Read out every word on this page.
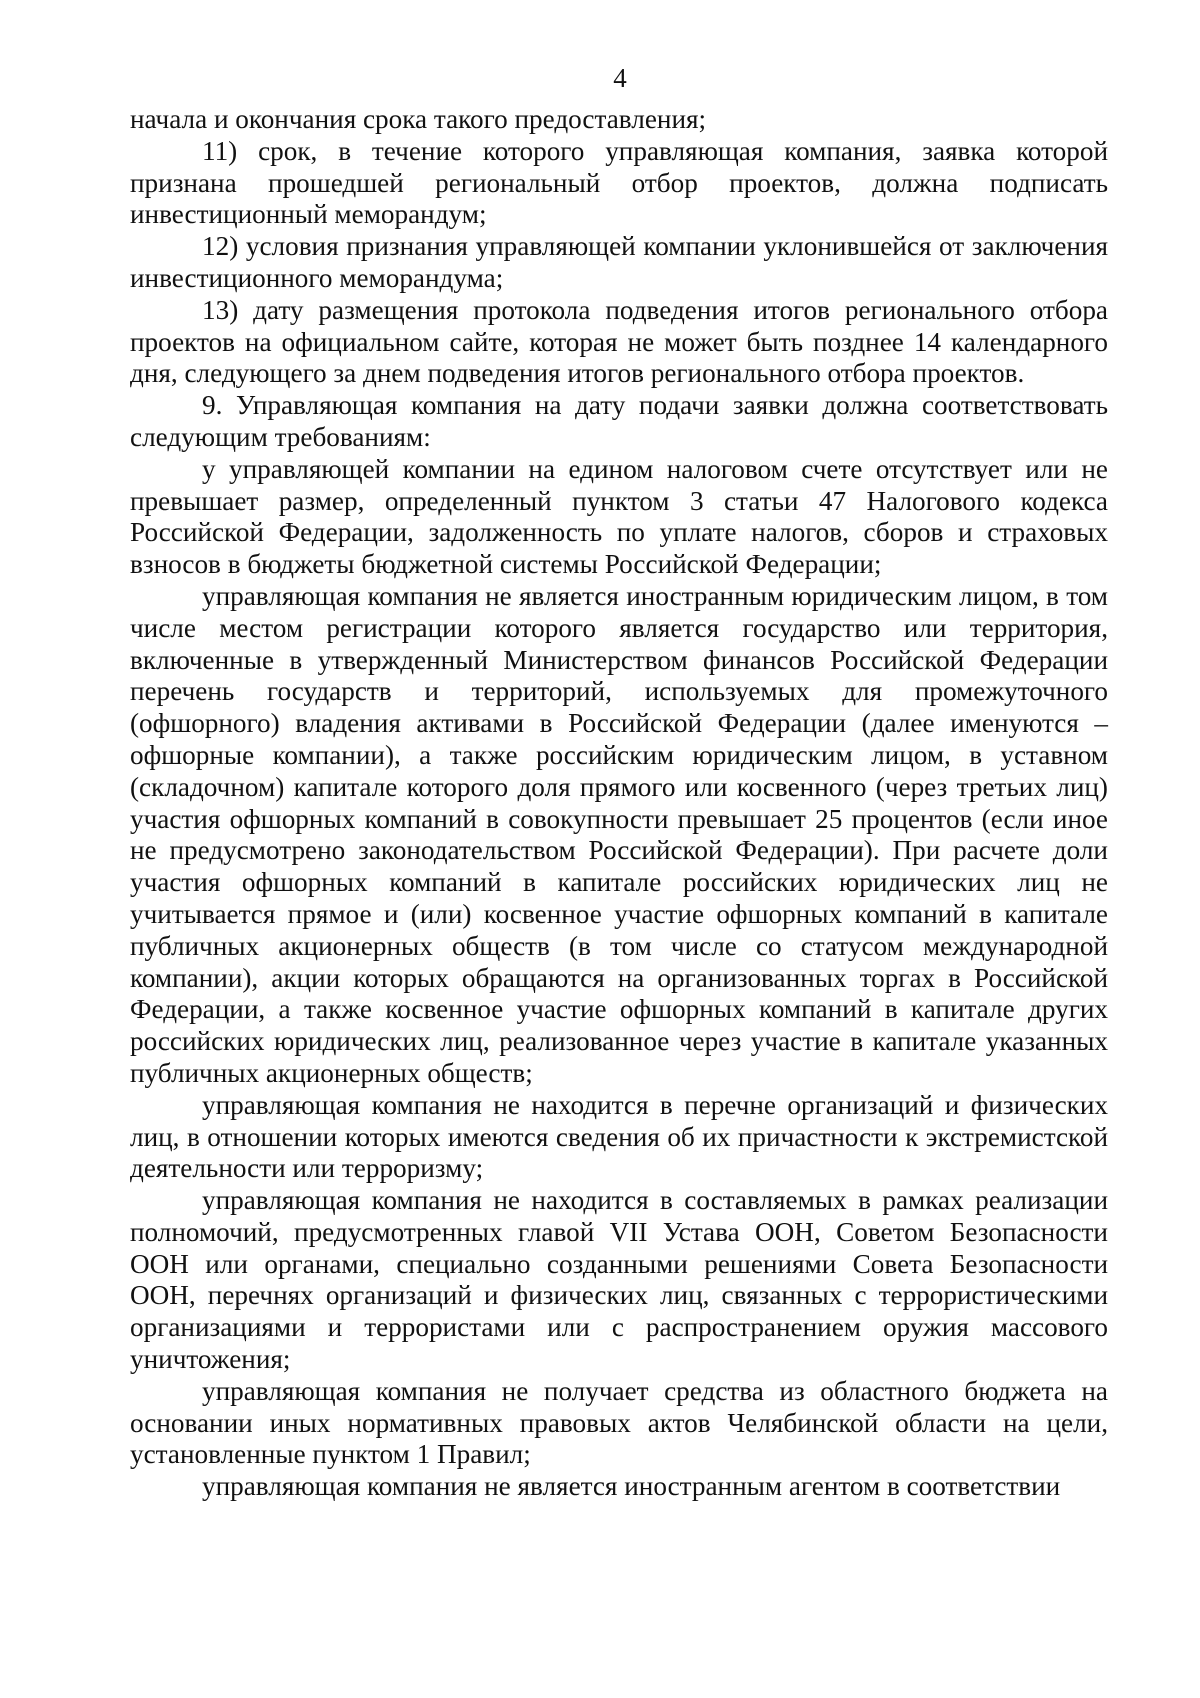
4

начала и окончания срока такого предоставления;

11) срок, в течение которого управляющая компания, заявка которой признана прошедшей региональный отбор проектов, должна подписать инвестиционный меморандум;

12) условия признания управляющей компании уклонившейся от заключения инвестиционного меморандума;

13) дату размещения протокола подведения итогов регионального отбора проектов на официальном сайте, которая не может быть позднее 14 календарного дня, следующего за днем подведения итогов регионального отбора проектов.

9. Управляющая компания на дату подачи заявки должна соответствовать следующим требованиям:

у управляющей компании на едином налоговом счете отсутствует или не превышает размер, определенный пунктом 3 статьи 47 Налогового кодекса Российской Федерации, задолженность по уплате налогов, сборов и страховых взносов в бюджеты бюджетной системы Российской Федерации;

управляющая компания не является иностранным юридическим лицом, в том числе местом регистрации которого является государство или территория, включенные в утвержденный Министерством финансов Российской Федерации перечень государств и территорий, используемых для промежуточного (офшорного) владения активами в Российской Федерации (далее именуются – офшорные компании), а также российским юридическим лицом, в уставном (складочном) капитале которого доля прямого или косвенного (через третьих лиц) участия офшорных компаний в совокупности превышает 25 процентов (если иное не предусмотрено законодательством Российской Федерации). При расчете доли участия офшорных компаний в капитале российских юридических лиц не учитывается прямое и (или) косвенное участие офшорных компаний в капитале публичных акционерных обществ (в том числе со статусом международной компании), акции которых обращаются на организованных торгах в Российской Федерации, а также косвенное участие офшорных компаний в капитале других российских юридических лиц, реализованное через участие в капитале указанных публичных акционерных обществ;

управляющая компания не находится в перечне организаций и физических лиц, в отношении которых имеются сведения об их причастности к экстремистской деятельности или терроризму;

управляющая компания не находится в составляемых в рамках реализации полномочий, предусмотренных главой VII Устава ООН, Советом Безопасности ООН или органами, специально созданными решениями Совета Безопасности ООН, перечнях организаций и физических лиц, связанных с террористическими организациями и террористами или с распространением оружия массового уничтожения;

управляющая компания не получает средства из областного бюджета на основании иных нормативных правовых актов Челябинской области на цели, установленные пунктом 1 Правил;

управляющая компания не является иностранным агентом в соответствии
